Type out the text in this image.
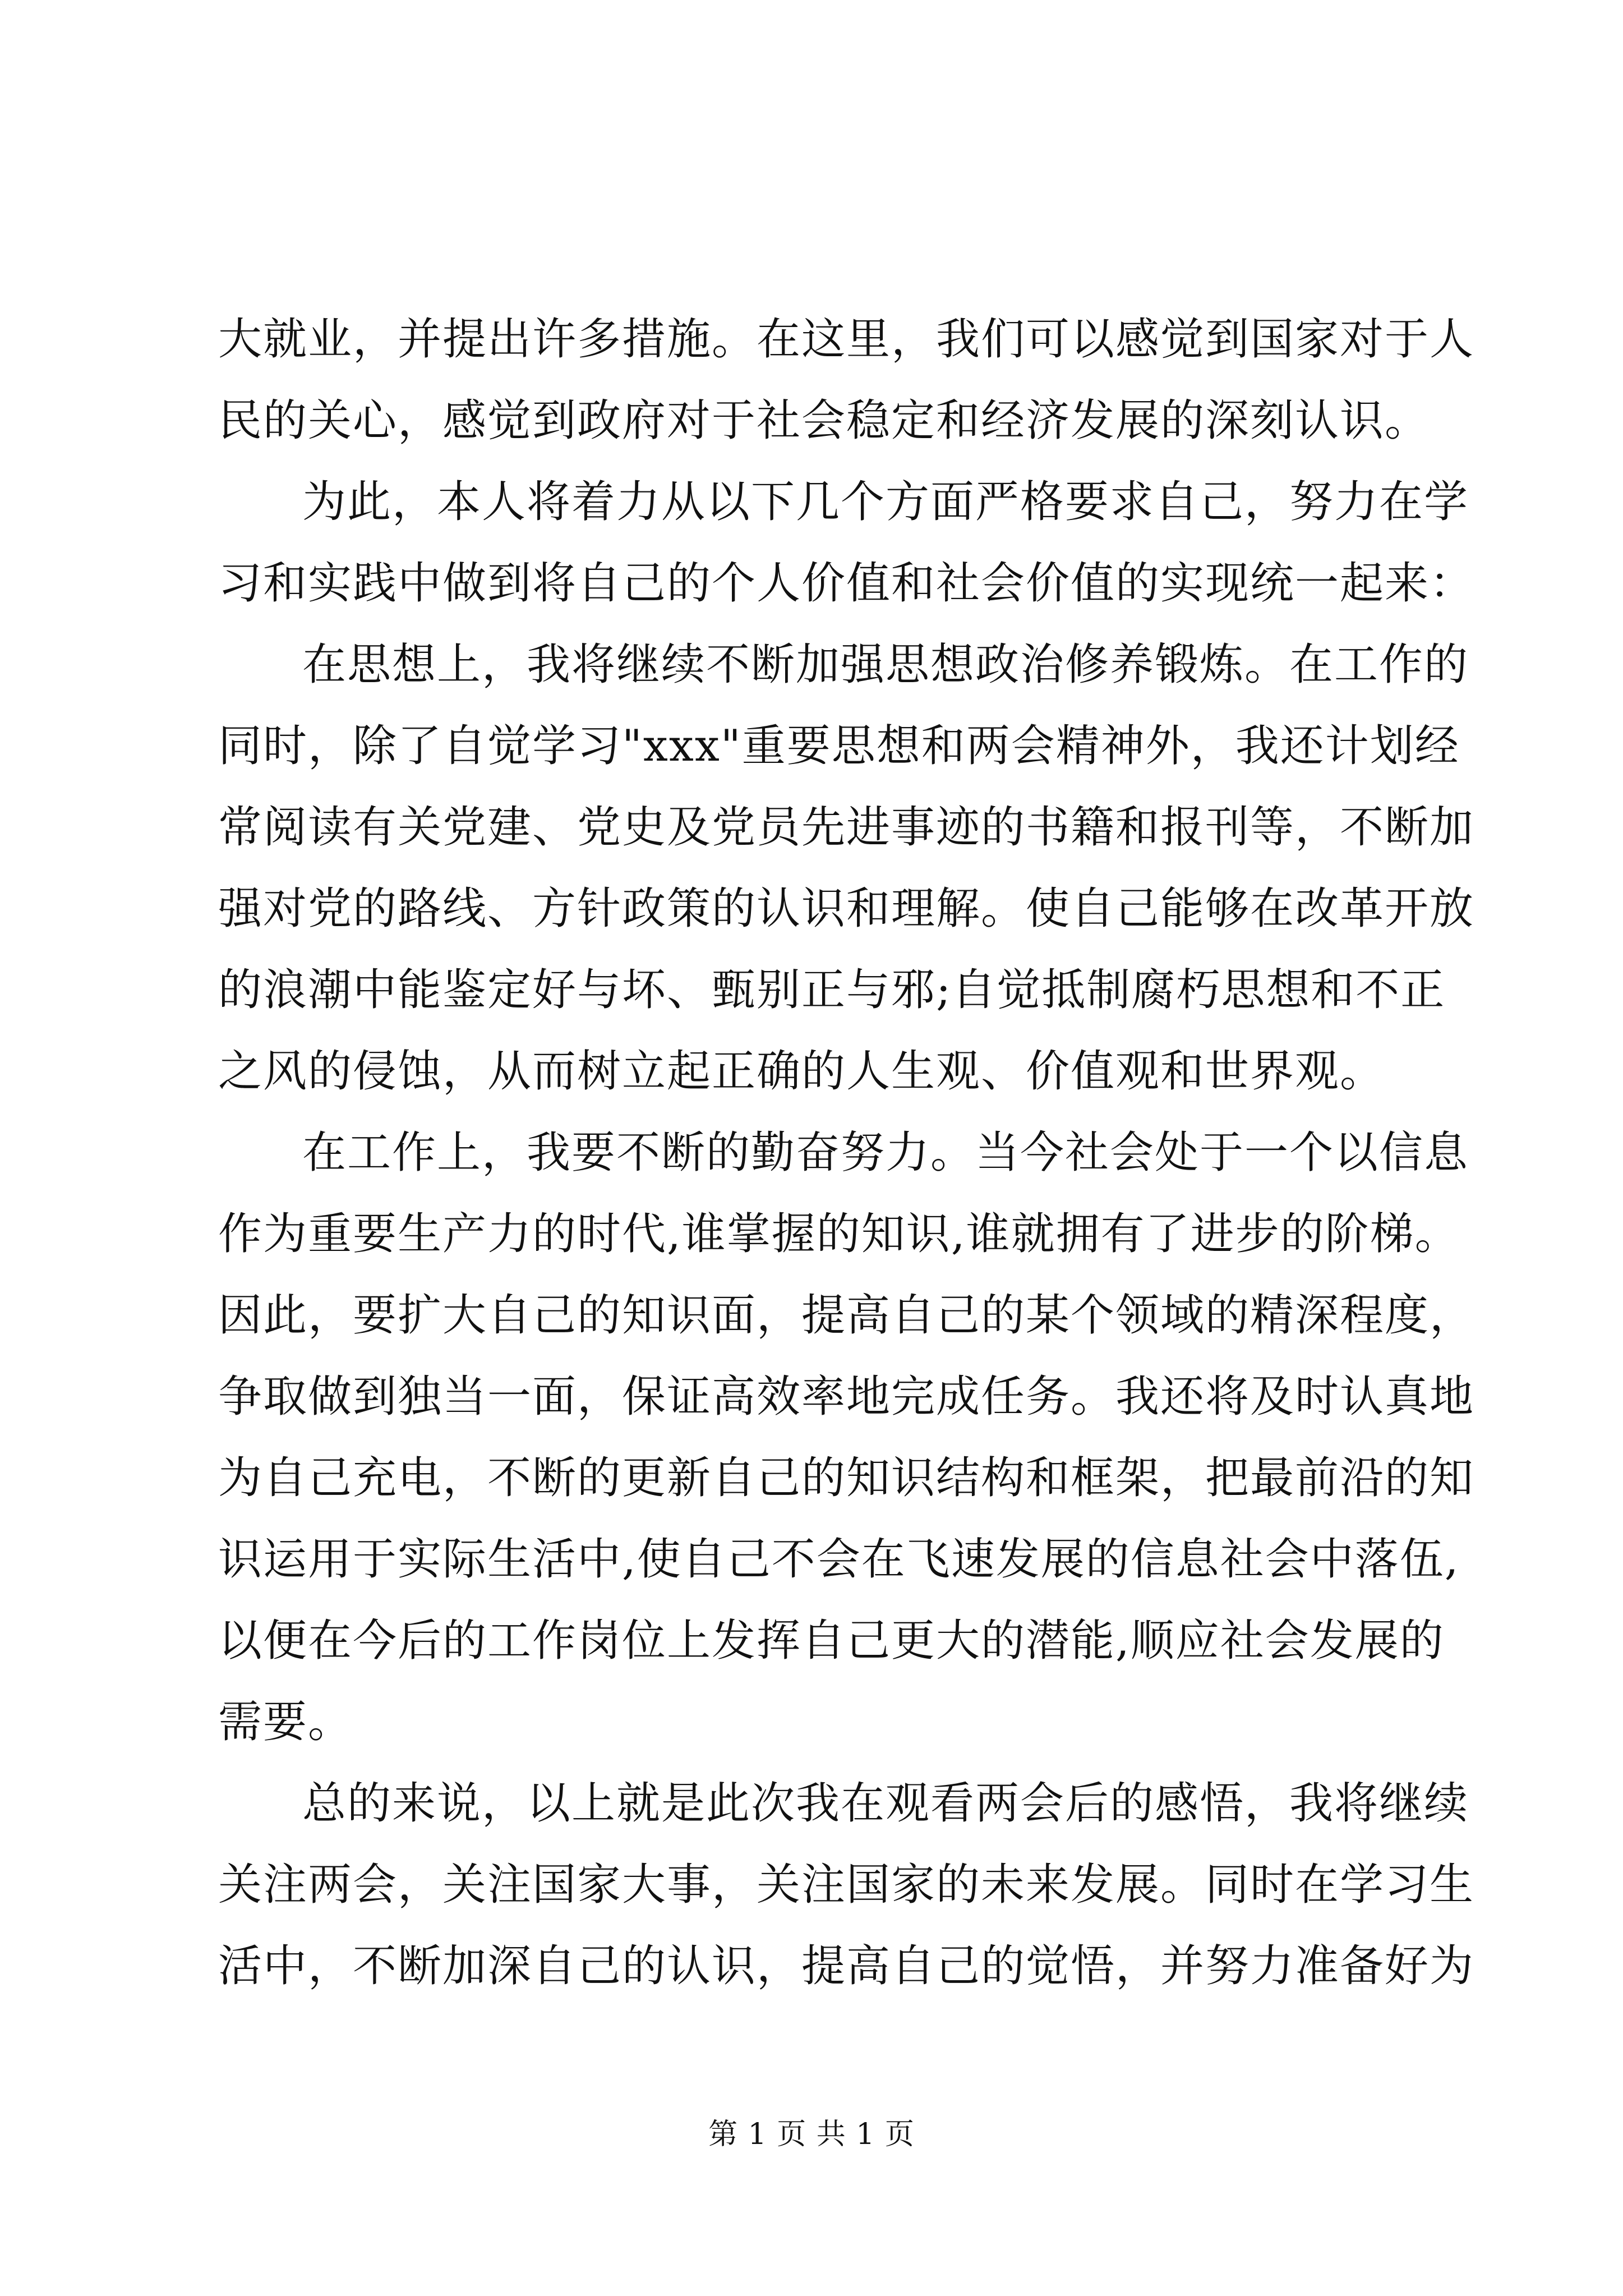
大就业，并提出许多措施。在这里，我们可以感觉到国家对于人
民的关心，感觉到政府对于社会稳定和经济发展的深刻认识。
为此，本人将着力从以下几个方面严格要求自己，努力在学
习和实践中做到将自己的个人价值和社会价值的实现统一起来：
在思想上，我将继续不断加强思想政治修养锻炼。在工作的
同时，除了自觉学习"xxx"重要思想和两会精神外，我还计划经
常阅读有关党建、党史及党员先进事迹的书籍和报刊等，不断加
强对党的路线、方针政策的认识和理解。使自己能够在改革开放
的浪潮中能鉴定好与坏、甄别正与邪;自觉抵制腐朽思想和不正
之风的侵蚀，从而树立起正确的人生观、价值观和世界观。
在工作上，我要不断的勤奋努力。当今社会处于一个以信息
作为重要生产力的时代,谁掌握的知识,谁就拥有了进步的阶梯。
因此，要扩大自己的知识面，提高自己的某个领域的精深程度，
争取做到独当一面，保证高效率地完成任务。我还将及时认真地
为自己充电，不断的更新自己的知识结构和框架，把最前沿的知
识运用于实际生活中,使自己不会在飞速发展的信息社会中落伍,
以便在今后的工作岗位上发挥自己更大的潜能,顺应社会发展的
需要。
总的来说，以上就是此次我在观看两会后的感悟，我将继续
关注两会，关注国家大事，关注国家的未来发展。同时在学习生
活中，不断加深自己的认识，提高自己的觉悟，并努力准备好为
第 1 页 共 1 页
